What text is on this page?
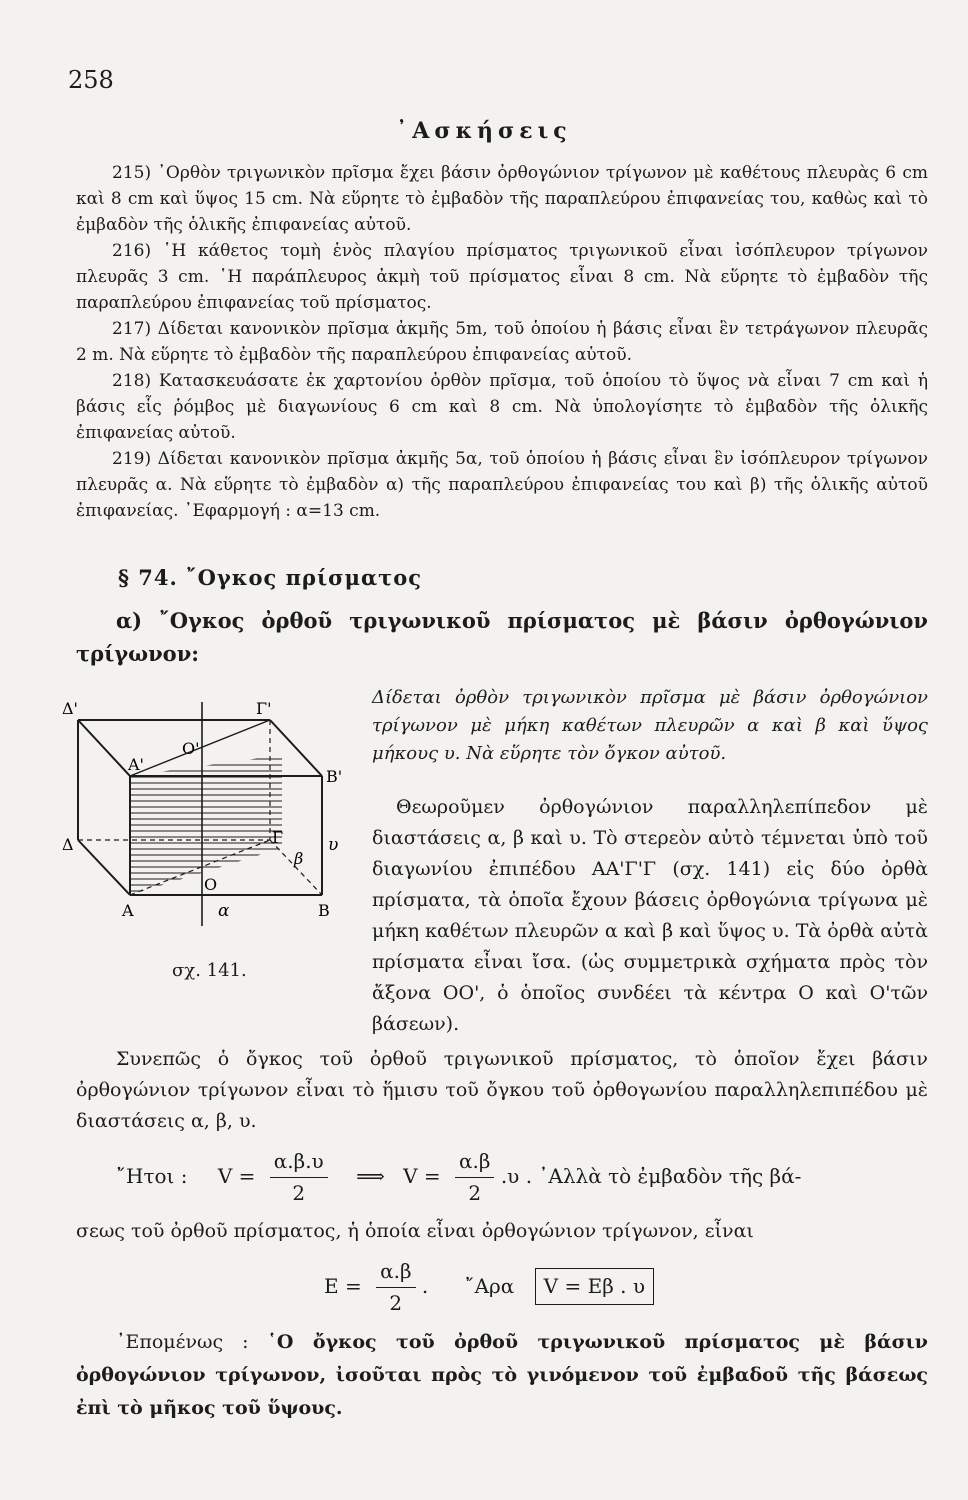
258
᾿Ασκήσεις

215) ᾿Ορθὸν τριγωνικὸν πρῖσμα ἔχει βάσιν ὀρθογώνιον τρίγωνον μὲ καθέτους πλευρὰς 6 cm καὶ 8 cm καὶ ὕψος 15 cm. Νὰ εὕρητε τὸ ἐμβαδὸν τῆς παραπλεύρου ἐπιφανείας του, καθὼς καὶ τὸ ἐμβαδὸν τῆς ὁλικῆς ἐπιφανείας αὐτοῦ.

216) ῾Η κάθετος τομὴ ἑνὸς πλαγίου πρίσματος τριγωνικοῦ εἶναι ἰσόπλευρον τρίγωνον πλευρᾶς 3 cm. ῾Η παράπλευρος ἀκμὴ τοῦ πρίσματος εἶναι 8 cm. Νὰ εὕρητε τὸ ἐμβαδὸν τῆς παραπλεύρου ἐπιφανείας τοῦ πρίσματος.

217) Δίδεται κανονικὸν πρῖσμα ἀκμῆς 5m, τοῦ ὁποίου ἡ βάσις εἶναι ἓν τετράγωνον πλευρᾶς 2 m. Νὰ εὕρητε τὸ ἐμβαδὸν τῆς παραπλεύρου ἐπιφανείας αὐτοῦ.

218) Κατασκευάσατε ἐκ χαρτονίου ὀρθὸν πρῖσμα, τοῦ ὁποίου τὸ ὕψος νὰ εἶναι 7 cm καὶ ἡ βάσις εἷς ῥόμβος μὲ διαγωνίους 6 cm καὶ 8 cm. Νὰ ὑπολογίσητε τὸ ἐμβαδὸν τῆς ὁλικῆς ἐπιφανείας αὐτοῦ.

219) Δίδεται κανονικὸν πρῖσμα ἀκμῆς 5α, τοῦ ὁποίου ἡ βάσις εἶναι ἓν ἰσόπλευρον τρίγωνον πλευρᾶς α. Νὰ εὕρητε τὸ ἐμβαδὸν α) τῆς παραπλεύρου ἐπιφανείας του καὶ β) τῆς ὁλικῆς αὐτοῦ ἐπιφανείας. ᾿Εφαρμογή : α=13 cm.

§ 74. ῎Ογκος πρίσματος
α) ῎Ογκος ὀρθοῦ τριγωνικοῦ πρίσματος μὲ βάσιν ὀρθογώνιον τρίγωνον:
Δ'	Γ'
O'
Α'
Β'
Δ	Γ
β
υ
O
Α	α	Β
σχ. 141.
Δίδεται ὀρθὸν τριγωνικὸν πρῖσμα μὲ βάσιν ὀρθογώνιον τρίγωνον μὲ μήκη καθέτων πλευρῶν α καὶ β καὶ ὕψος μήκους υ. Νὰ εὕρητε τὸν ὄγκον αὐτοῦ.

Θεωροῦμεν ὀρθογώνιον παραλληλεπίπεδον μὲ διαστάσεις α, β καὶ υ. Τὸ στερεὸν αὐτὸ τέμνεται ὑπὸ τοῦ διαγωνίου ἐπιπέδου ΑΑ'Γ'Γ (σχ. 141) εἰς δύο ὀρθὰ πρίσματα, τὰ ὁποῖα ἔχουν βάσεις ὀρθογώνια τρίγωνα μὲ μήκη καθέτων πλευρῶν α καὶ β καὶ ὕψος υ. Τὰ ὀρθὰ αὐτὰ πρίσματα εἶναι ἴσα. (ὡς συμμετρικὰ σχήματα πρὸς τὸν ἄξονα ΟΟ', ὁ ὁποῖος συνδέει τὰ κέντρα Ο καὶ Ο'τῶν βάσεων).

Συνεπῶς ὁ ὄγκος τοῦ ὀρθοῦ τριγωνικοῦ πρίσματος, τὸ ὁποῖον ἔχει βάσιν ὀρθογώνιον τρίγωνον εἶναι τὸ ἥμισυ τοῦ ὄγκου τοῦ ὀρθογωνίου παραλληλεπιπέδου μὲ διαστάσεις α, β, υ.

῎Ητοι : $V = \frac{\alpha.\beta.\upsilon}{2}$ ⟹ $V = \frac{\alpha.\beta}{2} .\upsilon$ . ᾿Αλλὰ τὸ ἐμβαδὸν τῆς βά-

σεως τοῦ ὀρθοῦ πρίσματος, ἡ ὁποία εἶναι ὀρθογώνιον τρίγωνον, εἶναι

$E = \frac{\alpha.\beta}{2}$ . ῎Αρα V = Eβ . υ

᾿Επομένως : ῾Ο ὄγκος τοῦ ὀρθοῦ τριγωνικοῦ πρίσματος μὲ βάσιν ὀρθογώνιον τρίγωνον, ἰσοῦται πρὸς τὸ γινόμενον τοῦ ἐμβαδοῦ τῆς βάσεως ἐπὶ τὸ μῆκος τοῦ ὕψους.
